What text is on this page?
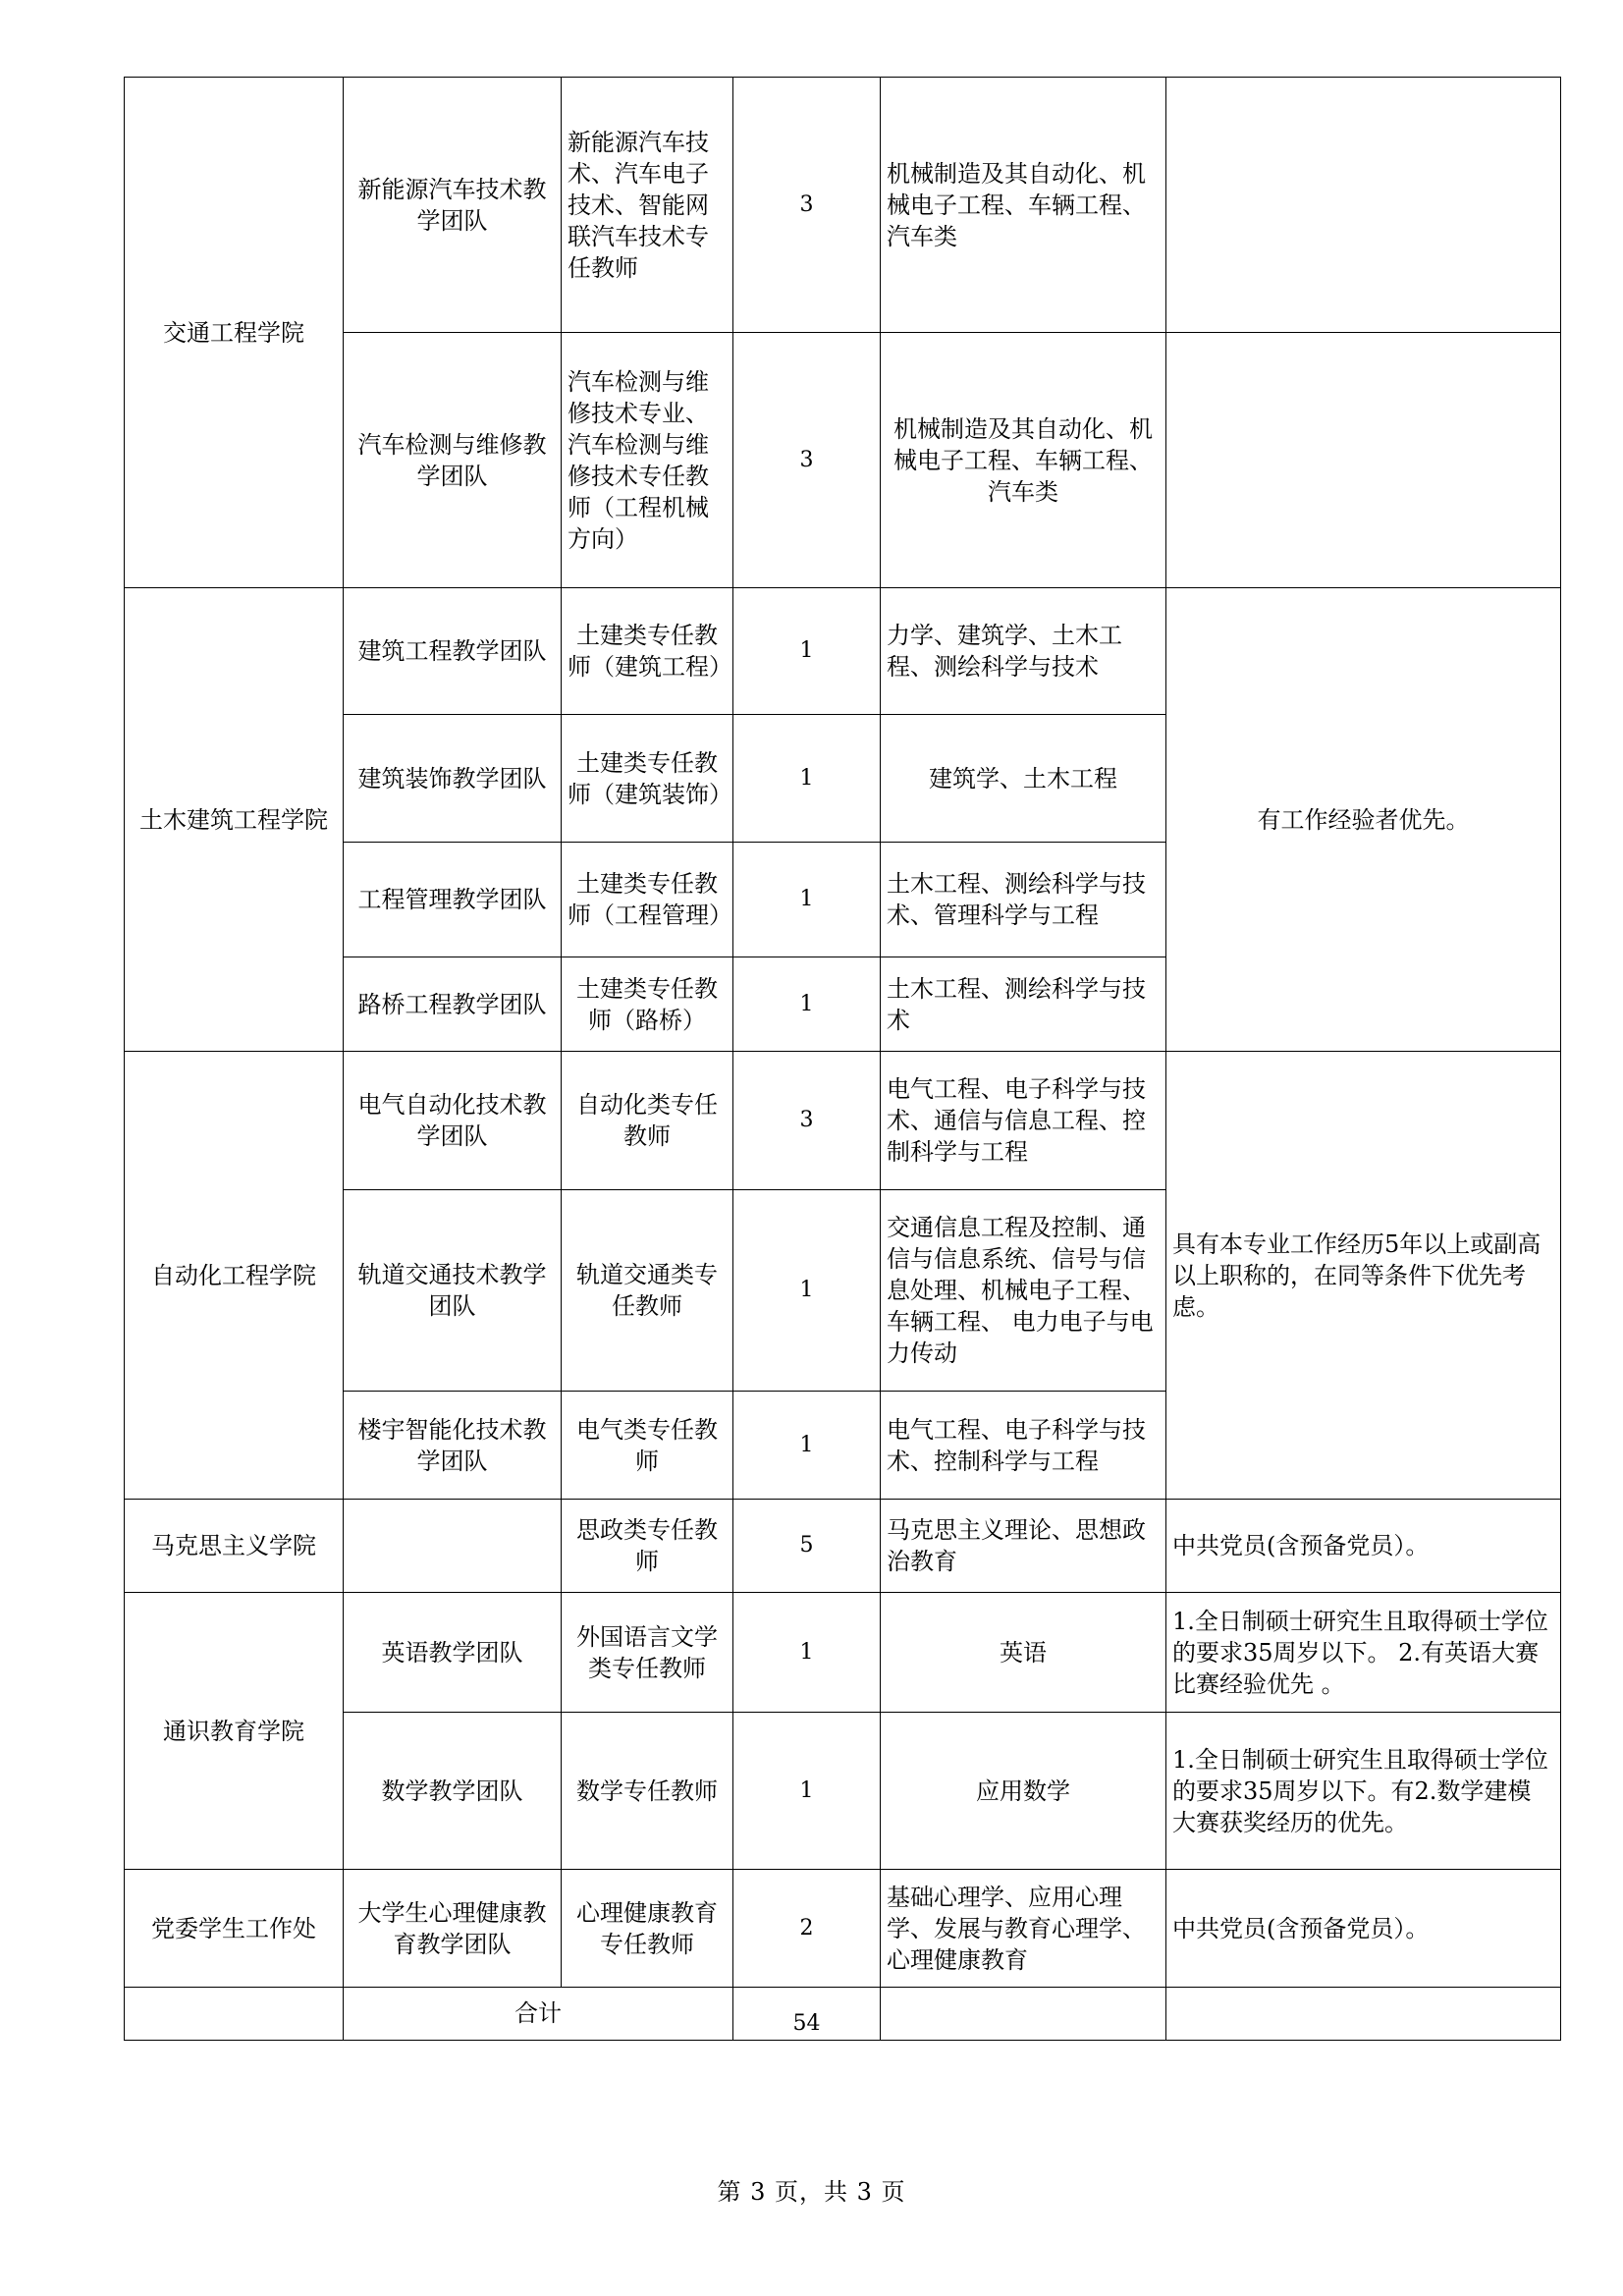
交通工程学院	新能源汽车技术教学团队	新能源汽车技术、汽车电子技术、智能网联汽车技术专任教师	3	机械制造及其自动化、机械电子工程、车辆工程、汽车类	
	汽车检测与维修教学团队	汽车检测与维修技术专业、汽车检测与维修技术专任教师（工程机械方向）	3	机械制造及其自动化、机械电子工程、车辆工程、汽车类	
土木建筑工程学院	建筑工程教学团队	土建类专任教师（建筑工程）	1	力学、建筑学、土木工程、测绘科学与技术	有工作经验者优先。
	建筑装饰教学团队	土建类专任教师（建筑装饰）	1	建筑学、土木工程	
	工程管理教学团队	土建类专任教师（工程管理）	1	土木工程、测绘科学与技术、管理科学与工程	
	路桥工程教学团队	土建类专任教师（路桥）	1	土木工程、测绘科学与技术	
自动化工程学院	电气自动化技术教学团队	自动化类专任教师	3	电气工程、电子科学与技术、通信与信息工程、控制科学与工程	具有本专业工作经历5年以上或副高以上职称的，在同等条件下优先考虑。
	轨道交通技术教学团队	轨道交通类专任教师	1	交通信息工程及控制、通信与信息系统、信号与信息处理、机械电子工程、 车辆工程、 电力电子与电力传动	
	楼宇智能化技术教学团队	电气类专任教师	1	电气工程、电子科学与技术、控制科学与工程	
马克思主义学院		思政类专任教师	5	马克思主义理论、思想政治教育	中共党员(含预备党员）。
通识教育学院	英语教学团队	外国语言文学类专任教师	1	英语	1.全日制硕士研究生且取得硕士学位的要求35周岁以下。 2.有英语大赛比赛经验优先 。
	数学教学团队	数学专任教师	1	应用数学	1.全日制硕士研究生且取得硕士学位的要求35周岁以下。有2.数学建模大赛获奖经历的优先。
党委学生工作处	大学生心理健康教育教学团队	心理健康教育专任教师	2	基础心理学、应用心理学、发展与教育心理学、心理健康教育	中共党员(含预备党员）。
	合计		54		
第 3 页，共 3 页
